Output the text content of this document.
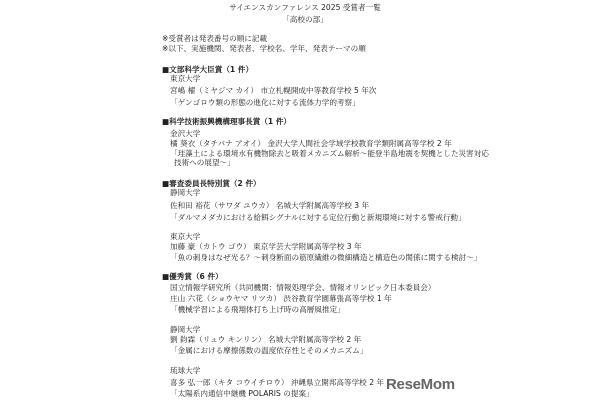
サイエンスカンファレンス 2025 受賞者一覧
「高校の部」
※受賞者は発表番号の順に記載
※以下、実施機関、発表者、学校名、学年、発表テーマの順
■文部科学大臣賞（1 件）
東京大学
宮嶋 櫂（ミヤジマ カイ） 市立札幌開成中等教育学校 5 年次
「ゲンゴロウ類の形態の進化に対する流体力学的考察」
■科学技術振興機構理事長賞（1 件）
金沢大学
橘 葵衣（タチバナ アオイ） 金沢大学人間社会学域学校教育学類附属高等学校 2 年
「珪藻土による環境水有機物除去と吸着メカニズム解析～能登半島地震を契機とした災害対応
技術への展望～」
■審査委員長特別賞（2 件）
静岡大学
佐和田 裕花（サワダ ユウカ） 名城大学附属高等学校 3 年
「ダルマメダカにおける給餌シグナルに対する定位行動と新規環境に対する警戒行動」
東京大学
加藤 豪（カトウ ゴウ） 東京学芸大学附属高等学校 3 年
「魚の刺身はなぜ光る？～刺身断面の筋原繊維の微細構造と構造色の関係に関する検討～」
■優秀賞（6 件）
国立情報学研究所（共同機関：情報処理学会、情報オリンピック日本委員会）
庄山 六花（ショウヤマ リツカ） 渋谷教育学園幕張高等学校 1 年
「機械学習による飛翔体打ち上げ時の高層風推定」
静岡大学
劉 鈞霖（リュウ キンリン） 名城大学附属高等学校 2 年
「金属における摩擦係数の温度依存性とそのメカニズム」
琉球大学
喜多 弘一郎（キタ コウイチロウ） 沖縄県立開邦高等学校 2 年
「太陽系内通信中継機 POLARIS の提案」
ReseMom
